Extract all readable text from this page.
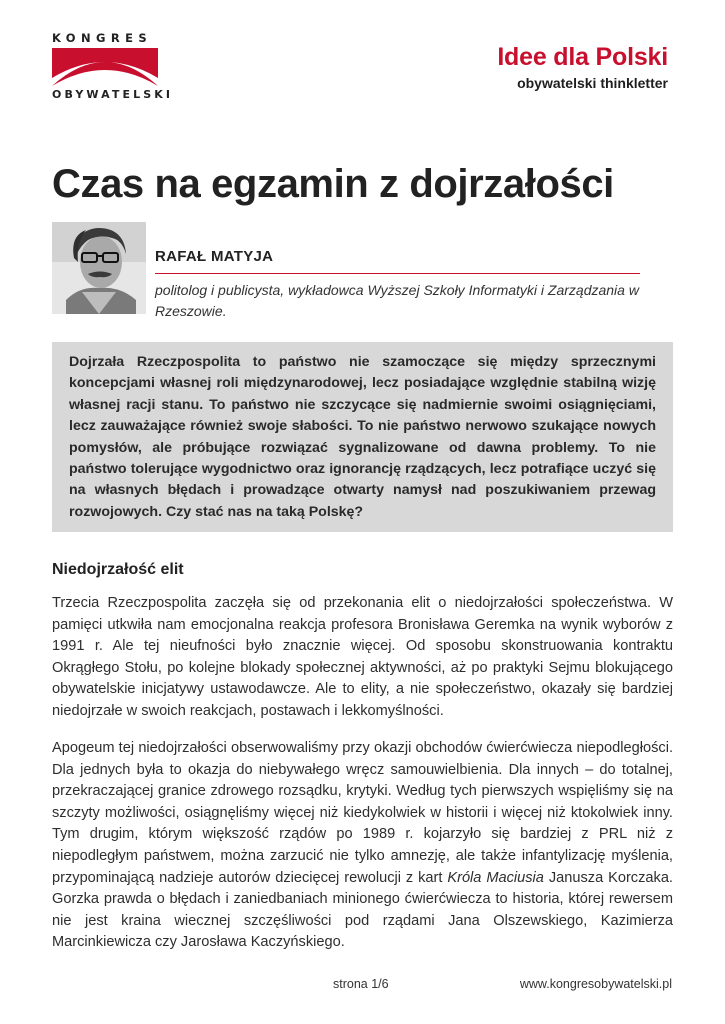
KONGRES
OBYWATELSKI
Idee dla Polski
obywatelski thinkletter
Czas na egzamin z dojrzałości
RAFAŁ MATYJA
politolog i publicysta, wykładowca Wyższej Szkoły Informatyki i Zarządzania w Rzeszowie.
Dojrzała Rzeczpospolita to państwo nie szamoczące się między sprzecznymi koncepcjami własnej roli międzynarodowej, lecz posiadające względnie stabilną wizję własnej racji stanu. To państwo nie szczycące się nadmiernie swoimi osiągnięciami, lecz zauważające również swoje słabości. To nie państwo nerwowo szukające nowych pomysłów, ale próbujące rozwiązać sygnalizowane od dawna problemy. To nie państwo tolerujące wygodnictwo oraz ignorancję rządzących, lecz potrafiące uczyć się na własnych błędach i prowadzące otwarty namysł nad poszukiwaniem przewag rozwojowych. Czy stać nas na taką Polskę?
Niedojrzałość elit

Trzecia Rzeczpospolita zaczęła się od przekonania elit o niedojrzałości społeczeństwa. W pamięci utkwiła nam emocjonalna reakcja profesora Bronisława Geremka na wynik wyborów z 1991 r. Ale tej nieufności było znacznie więcej. Od sposobu skonstruowania kontraktu Okrągłego Stołu, po kolejne blokady społecznej aktywności, aż po praktyki Sejmu blokującego obywatelskie inicjatywy ustawodawcze. Ale to elity, a nie społeczeństwo, okazały się bardziej niedojrzałe w swoich reakcjach, postawach i lekkomyślności.

Apogeum tej niedojrzałości obserwowaliśmy przy okazji obchodów ćwierćwiecza niepodległości. Dla jednych była to okazja do niebywałego wręcz samouwielbienia. Dla innych – do totalnej, przekraczającej granice zdrowego rozsądku, krytyki. Według tych pierwszych wspięliśmy się na szczyty możliwości, osiągnęliśmy więcej niż kiedykolwiek w historii i więcej niż ktokolwiek inny. Tym drugim, którym większość rządów po 1989 r. kojarzyło się bardziej z PRL niż z niepodległym państwem, można zarzucić nie tylko amnezję, ale także infantylizację myślenia, przypominającą nadzieje autorów dziecięcej rewolucji z kart Króla Maciusia Janusza Korczaka. Gorzka prawda o błędach i zaniedbaniach minionego ćwierćwiecza to historia, której rewersem nie jest kraina wiecznej szczęśliwości pod rządami Jana Olszewskiego, Kazimierza Marcinkiewicza czy Jarosława Kaczyńskiego.

strona 1/6	www.kongresobywatelski.pl
